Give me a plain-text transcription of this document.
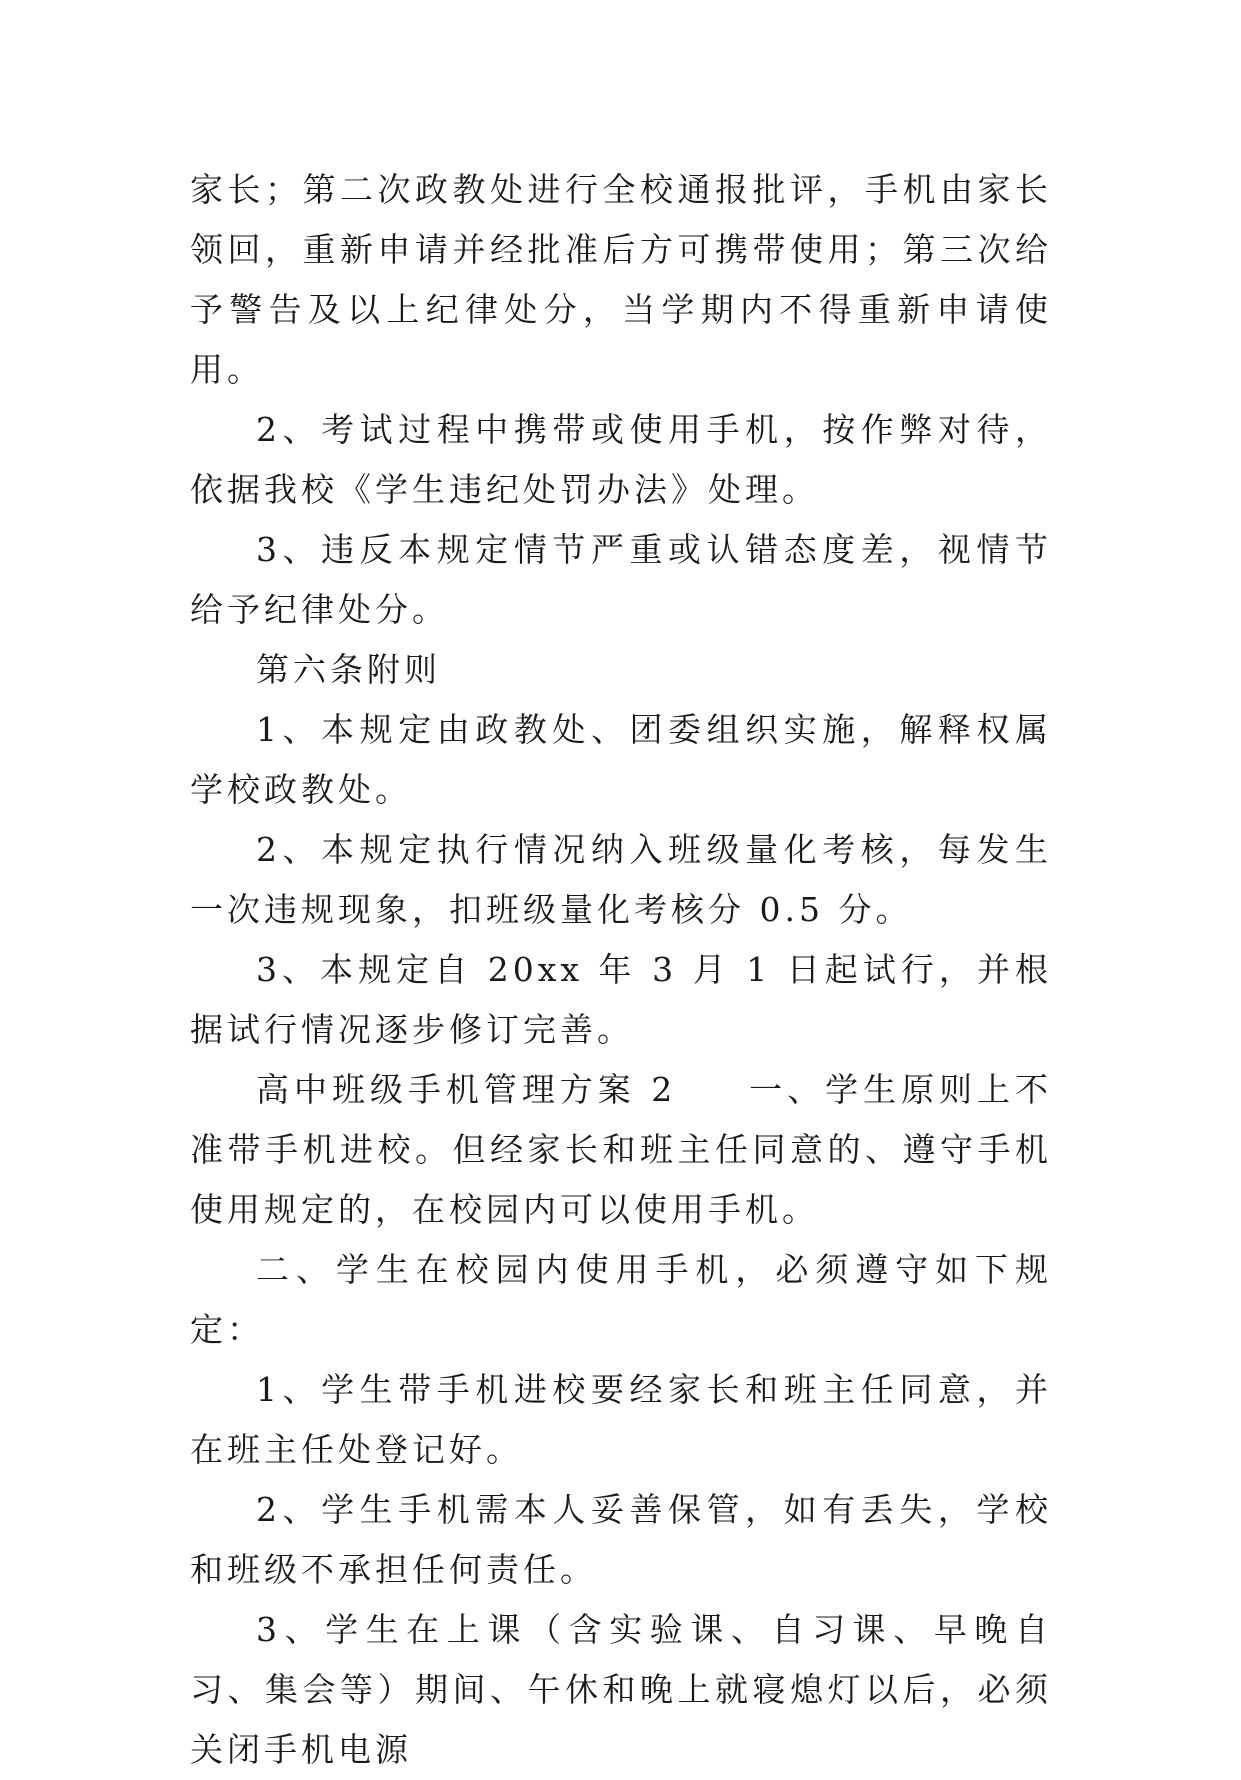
家长；第二次政教处进行全校通报批评，手机由家长领回，重新申请并经批准后方可携带使用；第三次给予警告及以上纪律处分，当学期内不得重新申请使用。

2、考试过程中携带或使用手机，按作弊对待，依据我校《学生违纪处罚办法》处理。

3、违反本规定情节严重或认错态度差，视情节给予纪律处分。

第六条附则

1、本规定由政教处、团委组织实施，解释权属学校政教处。

2、本规定执行情况纳入班级量化考核，每发生一次违规现象，扣班级量化考核分 0.5 分。

3、本规定自 20xx 年 3 月 1 日起试行，并根据试行情况逐步修订完善。

高中班级手机管理方案 2 一、学生原则上不准带手机进校。但经家长和班主任同意的、遵守手机使用规定的，在校园内可以使用手机。

二、学生在校园内使用手机，必须遵守如下规定：

1、学生带手机进校要经家长和班主任同意，并在班主任处登记好。

2、学生手机需本人妥善保管，如有丢失，学校和班级不承担任何责任。

3、学生在上课（含实验课、自习课、早晚自习、集会等）期间、午休和晚上就寝熄灯以后，必须关闭手机电源
